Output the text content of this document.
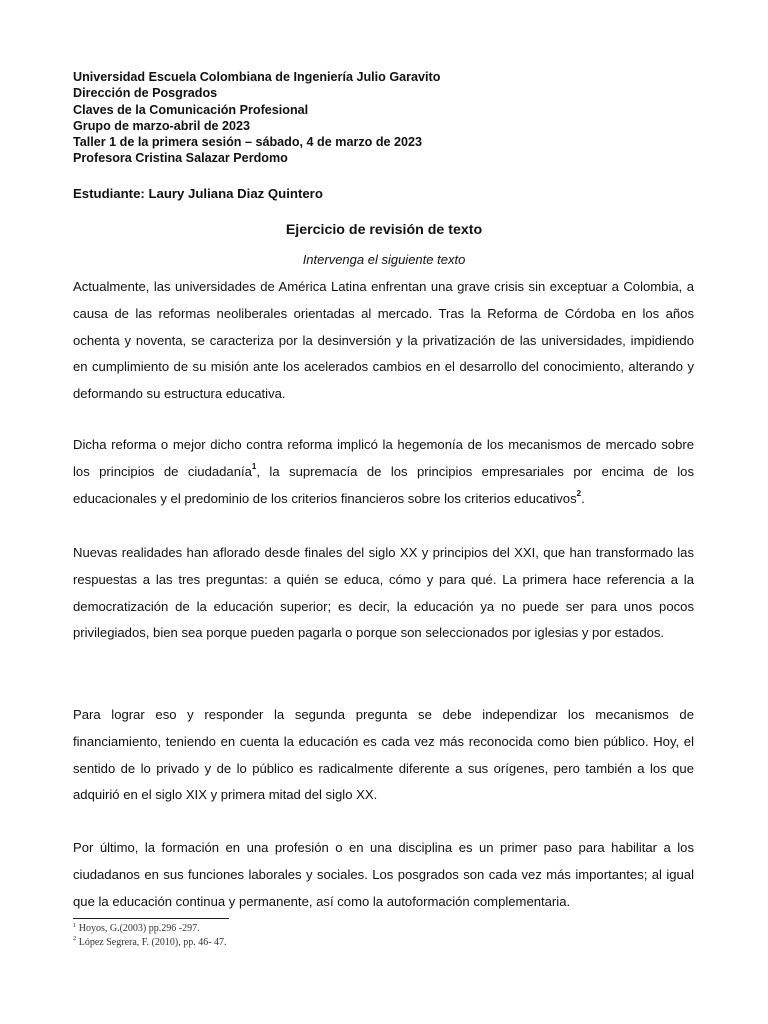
Universidad Escuela Colombiana de Ingeniería Julio Garavito
Dirección de Posgrados
Claves de la Comunicación Profesional
Grupo de marzo-abril de 2023
Taller 1 de la primera sesión – sábado, 4 de marzo de 2023
Profesora Cristina Salazar Perdomo
Estudiante: Laury Juliana Diaz Quintero
Ejercicio de revisión de texto
Intervenga el siguiente texto

Actualmente, las universidades de América Latina enfrentan una grave crisis sin exceptuar a Colombia, a causa de las reformas neoliberales orientadas al mercado. Tras la Reforma de Córdoba en los años ochenta y noventa, se caracteriza por la desinversión y la privatización de las universidades, impidiendo en cumplimiento de su misión ante los acelerados cambios en el desarrollo del conocimiento, alterando y deformando su estructura educativa.

Dicha reforma o mejor dicho contra reforma implicó la hegemonía de los mecanismos de mercado sobre los principios de ciudadanía$^1$, la supremacía de los principios empresariales por encima de los educacionales y el predominio de los criterios financieros sobre los criterios educativos$^2$.

Nuevas realidades han aflorado desde finales del siglo XX y principios del XXI, que han transformado las respuestas a las tres preguntas: a quién se educa, cómo y para qué. La primera hace referencia a la democratización de la educación superior; es decir, la educación ya no puede ser para unos pocos privilegiados, bien sea porque pueden pagarla o porque son seleccionados por iglesias y por estados.

Para lograr eso y responder la segunda pregunta se debe independizar los mecanismos de financiamiento, teniendo en cuenta la educación es cada vez más reconocida como bien público. Hoy, el sentido de lo privado y de lo público es radicalmente diferente a sus orígenes, pero también a los que adquirió en el siglo XIX y primera mitad del siglo XX.

Por último, la formación en una profesión o en una disciplina es un primer paso para habilitar a los ciudadanos en sus funciones laborales y sociales. Los posgrados son cada vez más importantes; al igual que la educación continua y permanente, así como la autoformación complementaria.

$^1$ Hoyos, G.(2003) pp.296 -297.
$^2$ López Segrera, F. (2010), pp. 46- 47.
